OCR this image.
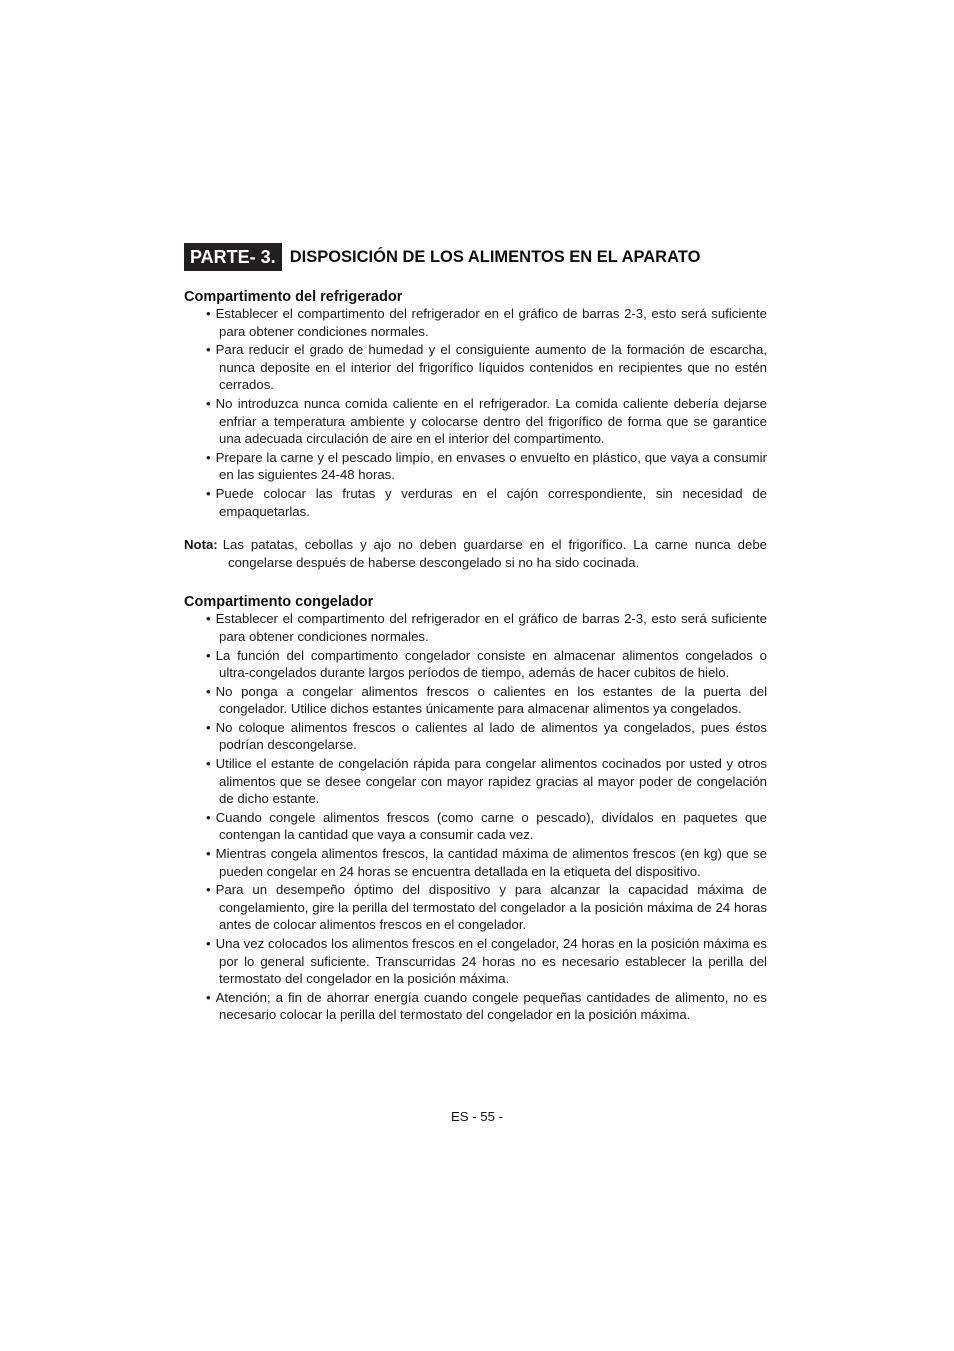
PARTE- 3. DISPOSICIÓN DE LOS ALIMENTOS EN EL APARATO
Compartimento del refrigerador
• Establecer el compartimento del refrigerador en el gráfico de barras 2-3, esto será suficiente para obtener condiciones normales.
• Para reducir el grado de humedad y el consiguiente aumento de la formación de escarcha, nunca deposite en el interior del frigorífico líquidos contenidos en recipientes que no estén cerrados.
• No introduzca nunca comida caliente en el refrigerador. La comida caliente debería dejarse enfriar a temperatura ambiente y colocarse dentro del frigorífico de forma que se garantice una adecuada circulación de aire en el interior del compartimento.
• Prepare la carne y el pescado limpio, en envases o envuelto en plástico, que vaya a consumir en las siguientes 24-48 horas.
• Puede colocar las frutas y verduras en el cajón correspondiente, sin necesidad de empaquetarlas.
Nota: Las patatas, cebollas y ajo no deben guardarse en el frigorífico. La carne nunca debe congelarse después de haberse descongelado si no ha sido cocinada.
Compartimento congelador
• Establecer el compartimento del refrigerador en el gráfico de barras 2-3, esto será suficiente para obtener condiciones normales.
• La función del compartimento congelador consiste en almacenar alimentos congelados o ultra-congelados durante largos períodos de tiempo, además de hacer cubitos de hielo.
• No ponga a congelar alimentos frescos o calientes en los estantes de la puerta del congelador. Utilice dichos estantes únicamente para almacenar alimentos ya congelados.
• No coloque alimentos frescos o calientes al lado de alimentos ya congelados, pues éstos podrían descongelarse.
• Utilice el estante de congelación rápida para congelar alimentos cocinados por usted y otros alimentos que se desee congelar con mayor rapidez gracias al mayor poder de congelación de dicho estante.
• Cuando congele alimentos frescos (como carne o pescado), divídalos en paquetes que contengan la cantidad que vaya a consumir cada vez.
• Mientras congela alimentos frescos, la cantidad máxima de alimentos frescos (en kg) que se pueden congelar en 24 horas se encuentra detallada en la etiqueta del dispositivo.
• Para un desempeño óptimo del dispositivo y para alcanzar la capacidad máxima de congelamiento, gire la perilla del termostato del congelador a la posición máxima de 24 horas antes de colocar alimentos frescos en el congelador.
• Una vez colocados los alimentos frescos en el congelador, 24 horas en la posición máxima es por lo general suficiente. Transcurridas 24 horas no es necesario establecer la perilla del termostato del congelador en la posición máxima.
• Atención; a fin de ahorrar energía cuando congele pequeñas cantidades de alimento, no es necesario colocar la perilla del termostato del congelador en la posición máxima.
ES - 55 -
